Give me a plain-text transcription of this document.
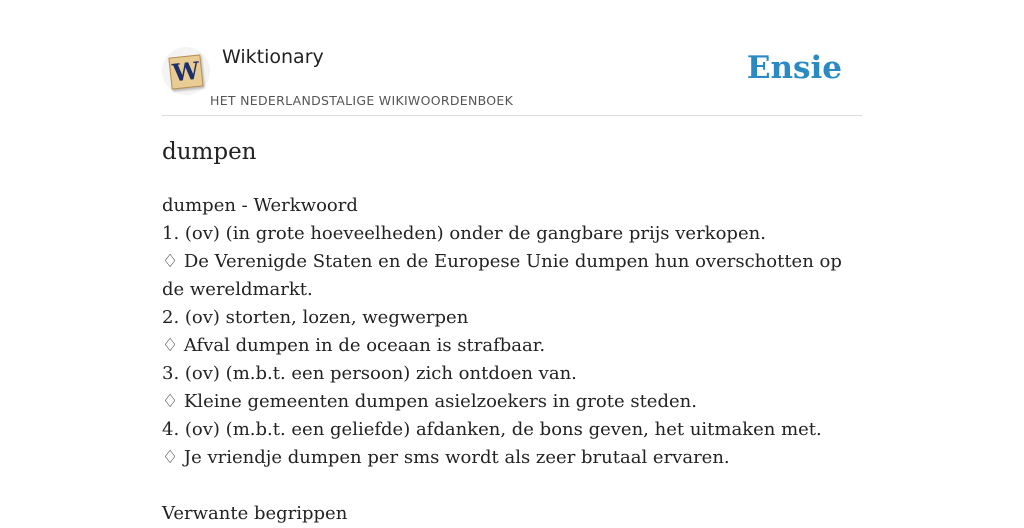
W Wiktionary
HET NEDERLANDSTALIGE WIKIWOORDENBOEK
Ensie
dumpen
dumpen - Werkwoord
1. (ov) (in grote hoeveelheden) onder de gangbare prijs verkopen.
♢ De Verenigde Staten en de Europese Unie dumpen hun overschotten op de wereldmarkt.
2. (ov) storten, lozen, wegwerpen
♢ Afval dumpen in de oceaan is strafbaar.
3. (ov) (m.b.t. een persoon) zich ontdoen van.
♢ Kleine gemeenten dumpen asielzoekers in grote steden.
4. (ov) (m.b.t. een geliefde) afdanken, de bons geven, het uitmaken met.
♢ Je vriendje dumpen per sms wordt als zeer brutaal ervaren.
Verwante begrippen
